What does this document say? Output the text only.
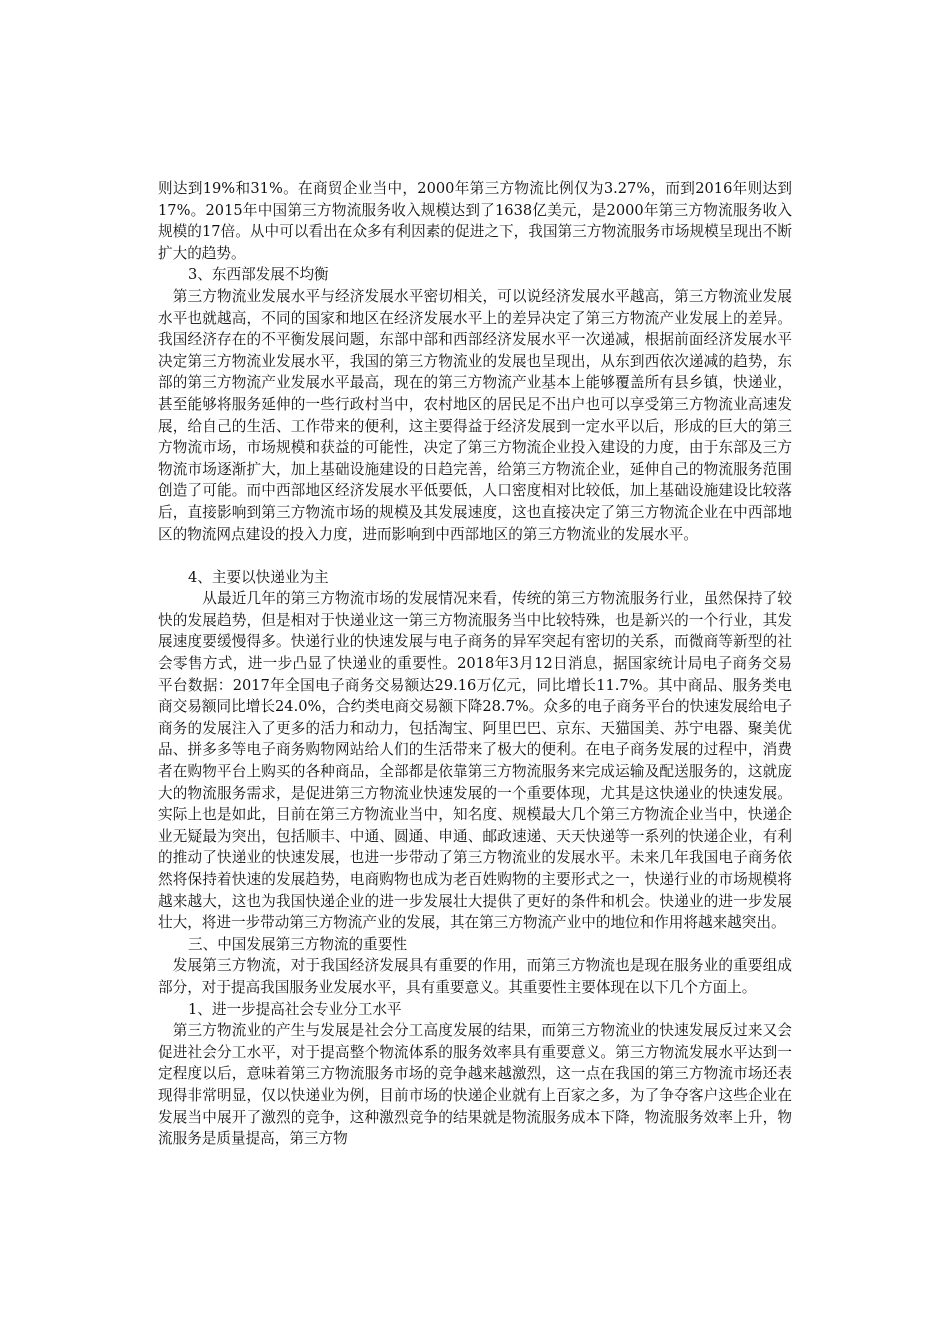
则达到19%和31%。在商贸企业当中，2000年第三方物流比例仅为3.27%，而到2016年则达到17%。2015年中国第三方物流服务收入规模达到了1638亿美元，是2000年第三方物流服务收入规模的17倍。从中可以看出在众多有利因素的促进之下，我国第三方物流服务市场规模呈现出不断扩大的趋势。

3、东西部发展不均衡

　第三方物流业发展水平与经济发展水平密切相关，可以说经济发展水平越高，第三方物流业发展水平也就越高，不同的国家和地区在经济发展水平上的差异决定了第三方物流产业发展上的差异。我国经济存在的不平衡发展问题，东部中部和西部经济发展水平一次递减，根据前面经济发展水平决定第三方物流业发展水平，我国的第三方物流业的发展也呈现出，从东到西依次递减的趋势，东部的第三方物流产业发展水平最高，现在的第三方物流产业基本上能够覆盖所有县乡镇，快递业，甚至能够将服务延伸的一些行政村当中，农村地区的居民足不出户也可以享受第三方物流业高速发展，给自己的生活、工作带来的便利，这主要得益于经济发展到一定水平以后，形成的巨大的第三方物流市场，市场规模和获益的可能性，决定了第三方物流企业投入建设的力度，由于东部及三方物流市场逐渐扩大，加上基础设施建设的日趋完善，给第三方物流企业，延伸自己的物流服务范围创造了可能。而中西部地区经济发展水平低要低，人口密度相对比较低，加上基础设施建设比较落后，直接影响到第三方物流市场的规模及其发展速度，这也直接决定了第三方物流企业在中西部地区的物流网点建设的投入力度，进而影响到中西部地区的第三方物流业的发展水平。

4、主要以快递业为主

　　　从最近几年的第三方物流市场的发展情况来看，传统的第三方物流服务行业，虽然保持了较快的发展趋势，但是相对于快递业这一第三方物流服务当中比较特殊，也是新兴的一个行业，其发展速度要缓慢得多。快递行业的快速发展与电子商务的异军突起有密切的关系，而微商等新型的社会零售方式，进一步凸显了快递业的重要性。2018年3月12日消息，据国家统计局电子商务交易平台数据：2017年全国电子商务交易额达29.16万亿元，同比增长11.7%。其中商品、服务类电商交易额同比增长24.0%，合约类电商交易额下降28.7%。众多的电子商务平台的快速发展给电子商务的发展注入了更多的活力和动力，包括淘宝、阿里巴巴、京东、天猫国美、苏宁电器、聚美优品、拼多多等电子商务购物网站给人们的生活带来了极大的便利。在电子商务发展的过程中，消费者在购物平台上购买的各种商品，全部都是依靠第三方物流服务来完成运输及配送服务的，这就庞大的物流服务需求，是促进第三方物流业快速发展的一个重要体现，尤其是这快递业的快速发展。实际上也是如此，目前在第三方物流业当中，知名度、规模最大几个第三方物流企业当中，快递企业无疑最为突出，包括顺丰、中通、圆通、申通、邮政速递、天天快递等一系列的快递企业，有利的推动了快递业的快速发展，也进一步带动了第三方物流业的发展水平。未来几年我国电子商务依然将保持着快速的发展趋势，电商购物也成为老百姓购物的主要形式之一，快递行业的市场规模将越来越大，这也为我国快递企业的进一步发展壮大提供了更好的条件和机会。快递业的进一步发展壮大，将进一步带动第三方物流产业的发展，其在第三方物流产业中的地位和作用将越来越突出。

三、中国发展第三方物流的重要性

　发展第三方物流，对于我国经济发展具有重要的作用，而第三方物流也是现在服务业的重要组成部分，对于提高我国服务业发展水平，具有重要意义。其重要性主要体现在以下几个方面上。

1、进一步提高社会专业分工水平

　第三方物流业的产生与发展是社会分工高度发展的结果，而第三方物流业的快速发展反过来又会促进社会分工水平，对于提高整个物流体系的服务效率具有重要意义。第三方物流发展水平达到一定程度以后，意味着第三方物流服务市场的竞争越来越激烈，这一点在我国的第三方物流市场还表现得非常明显，仅以快递业为例，目前市场的快递企业就有上百家之多，为了争夺客户这些企业在发展当中展开了激烈的竞争，这种激烈竞争的结果就是物流服务成本下降，物流服务效率上升，物流服务是质量提高，第三方物
